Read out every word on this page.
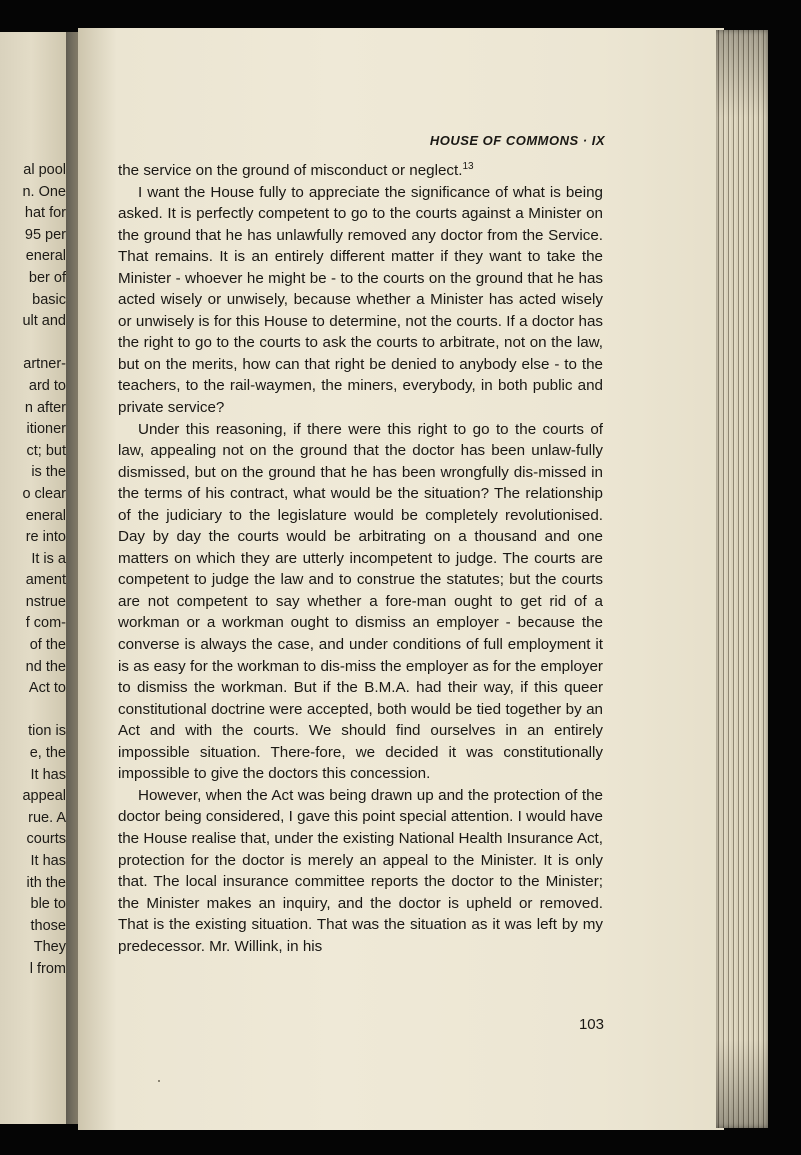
al pool
n. One
hat for
95 per
eneral
ber of
basic
ult and
artner-
ard to
n after
itioner
ct; but
is the
o clear
eneral
re into
It is a
ament
nstrue
f com-
of the
nd the
Act to
tion is
e, the
It has
appeal
rue. A
courts
It has
ith the
ble to
those
They
l from
HOUSE OF COMMONS · IX

the service on the ground of misconduct or neglect.$^{13}$

I want the House fully to appreciate the significance of what is being asked. It is perfectly competent to go to the courts against a Minister on the ground that he has unlawfully removed any doctor from the Service. That remains. It is an entirely different matter if they want to take the Minister - whoever he might be - to the courts on the ground that he has acted wisely or unwisely, because whether a Minister has acted wisely or unwisely is for this House to determine, not the courts. If a doctor has the right to go to the courts to ask the courts to arbitrate, not on the law, but on the merits, how can that right be denied to anybody else - to the teachers, to the rail-waymen, the miners, everybody, in both public and private service?

Under this reasoning, if there were this right to go to the courts of law, appealing not on the ground that the doctor has been unlaw-fully dismissed, but on the ground that he has been wrongfully dis-missed in the terms of his contract, what would be the situation? The relationship of the judiciary to the legislature would be completely revolutionised. Day by day the courts would be arbitrating on a thousand and one matters on which they are utterly incompetent to judge. The courts are competent to judge the law and to construe the statutes; but the courts are not competent to say whether a fore-man ought to get rid of a workman or a workman ought to dismiss an employer - because the converse is always the case, and under conditions of full employment it is as easy for the workman to dis-miss the employer as for the employer to dismiss the workman. But if the B.M.A. had their way, if this queer constitutional doctrine were accepted, both would be tied together by an Act and with the courts. We should find ourselves in an entirely impossible situation. There-fore, we decided it was constitutionally impossible to give the doctors this concession.

However, when the Act was being drawn up and the protection of the doctor being considered, I gave this point special attention. I would have the House realise that, under the existing National Health Insurance Act, protection for the doctor is merely an appeal to the Minister. It is only that. The local insurance committee reports the doctor to the Minister; the Minister makes an inquiry, and the doctor is upheld or removed. That is the existing situation. That was the situation as it was left by my predecessor. Mr. Willink, in his

103
